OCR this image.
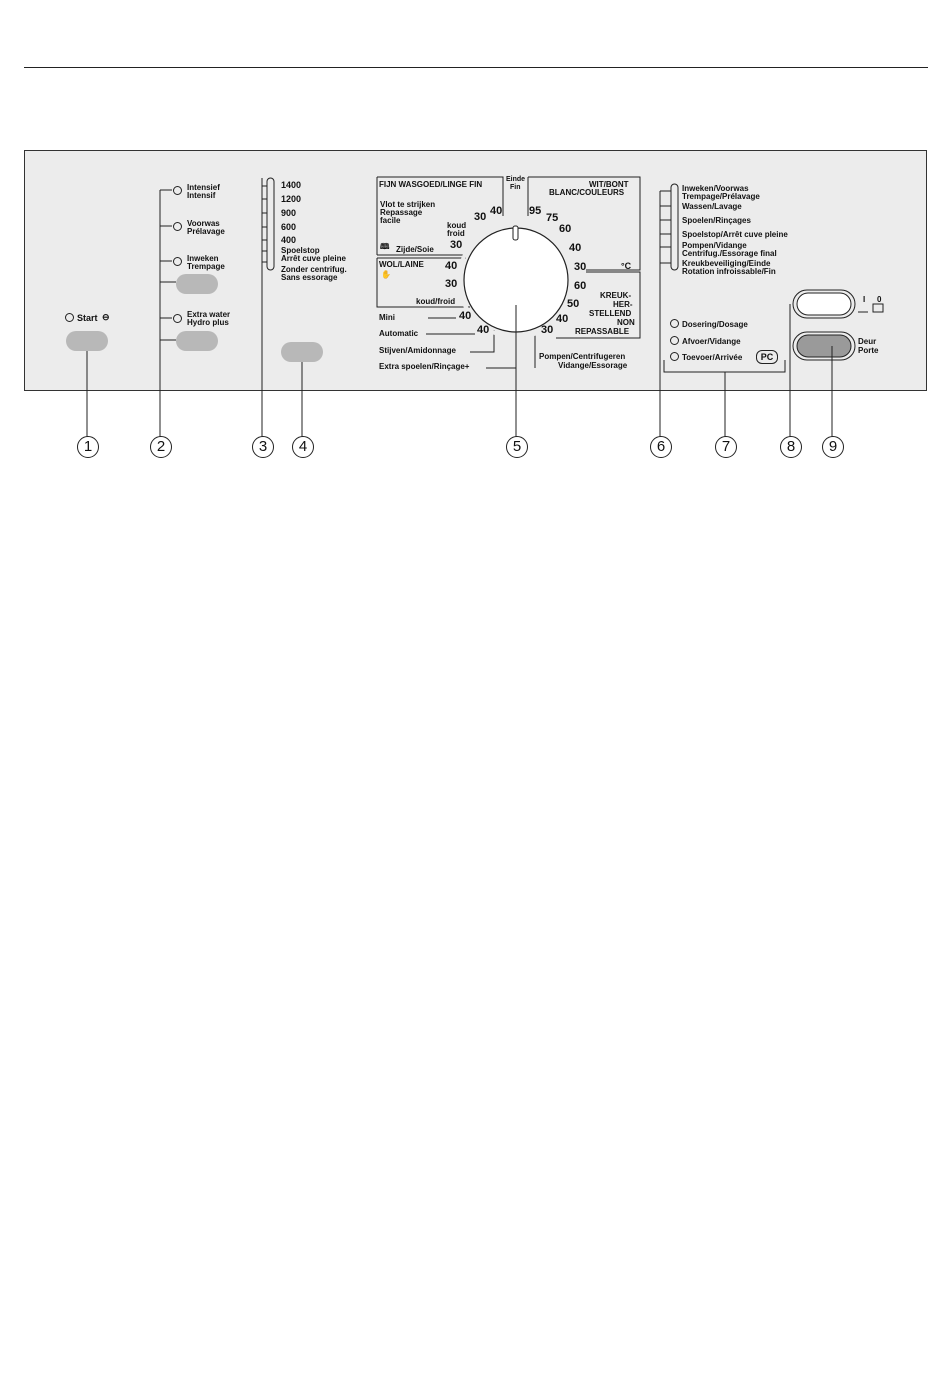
Start ⊖
Intensief
Intensif
Voorwas
Prélavage
Inweken
Trempage
Extra water
Hydro plus
1400
1200
900
600
400
Spoelstop
Arrêt cuve pleine
Zonder centrifug.
Sans essorage
FIJN WASGOED/LINGE FIN
Vlot te strijken
Repassage
facile
koud
froid
🕮 Zijde/Soie
WOL/LAINE
✋
koud/froid
Mini
Automatic
Stijven/Amidonnage
Extra spoelen/Rinçage+
Einde
Fin	WIT/BONT
BLANC/COULEURS
°C
KREUK-
HER-
STELLEND
NON
REPASSABLE
Pompen/Centrifugeren
Vidange/Essorage
30 40 95
75
60
40
30
30
40
30
40
40
60
50
40
30
Inweken/Voorwas
Trempage/Prélavage
Wassen/Lavage
Spoelen/Rinçages
Spoelstop/Arrêt cuve pleine
Pompen/Vidange
Centrifug./Essorage final
Kreukbeveiliging/Einde
Rotation infroissable/Fin
Dosering/Dosage
Afvoer/Vidange
Toevoer/Arrivée	PC
I 0
Deur
Porte
1	2	3	4	5	6	7	8	9
